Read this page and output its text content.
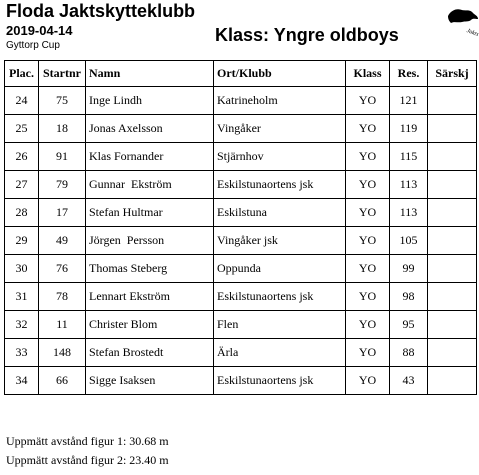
Floda Jaktskytteklubb
2019-04-14
Gyttorp Cup
Klass: Yngre oldboys	Jakts
Plac.	Startnr	Namn	Ort/Klubb	Klass	Res.	Särskj
24	75	Inge Lindh	Katrineholm	YO	121	
25	18	Jonas Axelsson	Vingåker	YO	119	
26	91	Klas Fornander	Stjärnhov	YO	115	
27	79	Gunnar  Ekström	Eskilstunaortens jsk	YO	113	
28	17	Stefan Hultmar	Eskilstuna	YO	113	
29	49	Jörgen  Persson	Vingåker jsk	YO	105	
30	76	Thomas Steberg	Oppunda	YO	99	
31	78	Lennart Ekström	Eskilstunaortens jsk	YO	98	
32	11	Christer Blom	Flen	YO	95	
33	148	Stefan Brostedt	Ärla	YO	88	
34	66	Sigge Isaksen	Eskilstunaortens jsk	YO	43	
Uppmätt avstånd figur 1: 30.68 m
Uppmätt avstånd figur 2: 23.40 m
